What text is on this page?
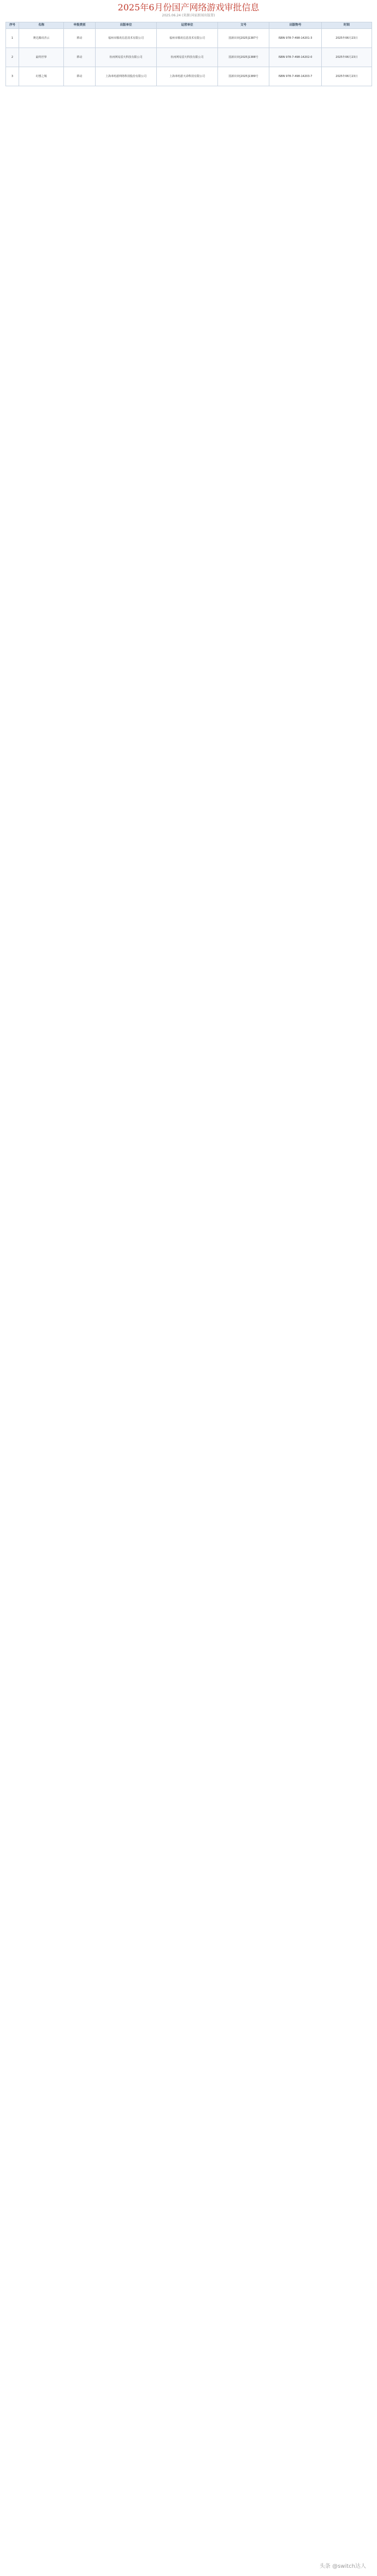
2025年6月份国产网络游戏审批信息
2025.06.24 (来源:国家新闻出版署)
序号	名称	申报类别	出版单位	运营单位	文号	出版物号	时间
1	赛达腾讯青云	移动	福州市腾讯信息技术有限公司	福州市腾讯信息技术有限公司	国新出审[2025]1387号	ISBN 978-7-498-14201-3	2025年06月23日
2	最终世界	移动	杭州网易雷火科技有限公司	杭州网易雷火科技有限公司	国新出审[2025]1388号	ISBN 978-7-498-14202-0	2025年06月23日
3	幻想之城	移动	上海米哈游网络科技股份有限公司	上海米哈游天命科技有限公司	国新出审[2025]1389号	ISBN 978-7-498-14203-7	2025年06月23日
头条 @switch达人
